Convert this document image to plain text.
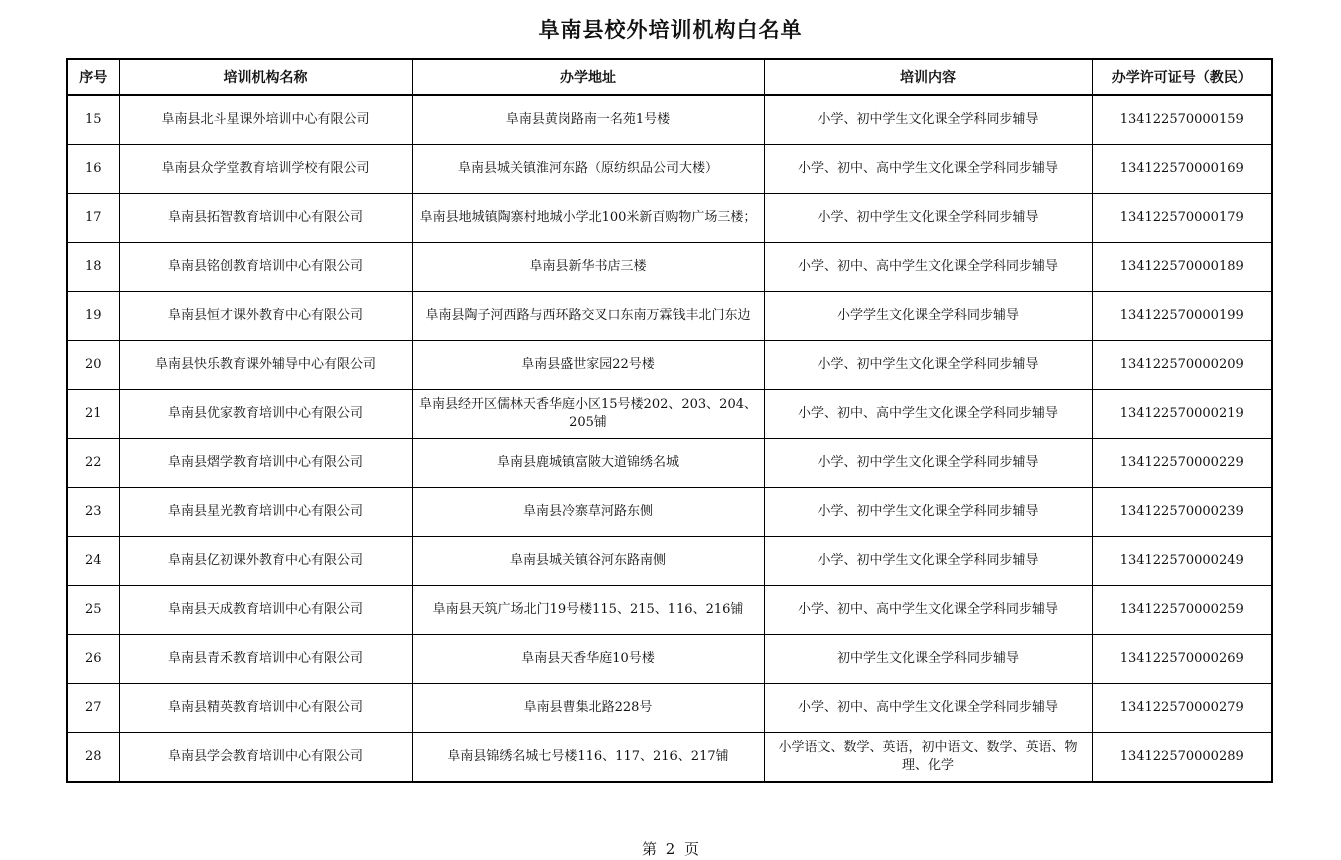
阜南县校外培训机构白名单
序号	培训机构名称	办学地址	培训内容	办学许可证号（教民）
15	阜南县北斗星课外培训中心有限公司	阜南县黄岗路南一名苑1号楼	小学、初中学生文化课全学科同步辅导	134122570000159
16	阜南县众学堂教育培训学校有限公司	阜南县城关镇淮河东路（原纺织品公司大楼）	小学、初中、高中学生文化课全学科同步辅导	134122570000169
17	阜南县拓智教育培训中心有限公司	阜南县地城镇陶寨村地城小学北100米新百购物广场三楼；	小学、初中学生文化课全学科同步辅导	134122570000179
18	阜南县铭创教育培训中心有限公司	阜南县新华书店三楼	小学、初中、高中学生文化课全学科同步辅导	134122570000189
19	阜南县恒才课外教育中心有限公司	阜南县陶子河西路与西环路交叉口东南万霖钱丰北门东边	小学学生文化课全学科同步辅导	134122570000199
20	阜南县快乐教育课外辅导中心有限公司	阜南县盛世家园22号楼	小学、初中学生文化课全学科同步辅导	134122570000209
21	阜南县优家教育培训中心有限公司	阜南县经开区儒林天香华庭小区15号楼202、203、204、205铺	小学、初中、高中学生文化课全学科同步辅导	134122570000219
22	阜南县熠学教育培训中心有限公司	阜南县鹿城镇富陂大道锦绣名城	小学、初中学生文化课全学科同步辅导	134122570000229
23	阜南县星光教育培训中心有限公司	阜南县冷寨草河路东侧	小学、初中学生文化课全学科同步辅导	134122570000239
24	阜南县亿初课外教育中心有限公司	阜南县城关镇谷河东路南侧	小学、初中学生文化课全学科同步辅导	134122570000249
25	阜南县天成教育培训中心有限公司	阜南县天筑广场北门19号楼115、215、116、216铺	小学、初中、高中学生文化课全学科同步辅导	134122570000259
26	阜南县青禾教育培训中心有限公司	阜南县天香华庭10号楼	初中学生文化课全学科同步辅导	134122570000269
27	阜南县精英教育培训中心有限公司	阜南县曹集北路228号	小学、初中、高中学生文化课全学科同步辅导	134122570000279
28	阜南县学会教育培训中心有限公司	阜南县锦绣名城七号楼116、117、216、217铺	小学语文、数学、英语，初中语文、数学、英语、物理、化学	134122570000289
第 2 页
